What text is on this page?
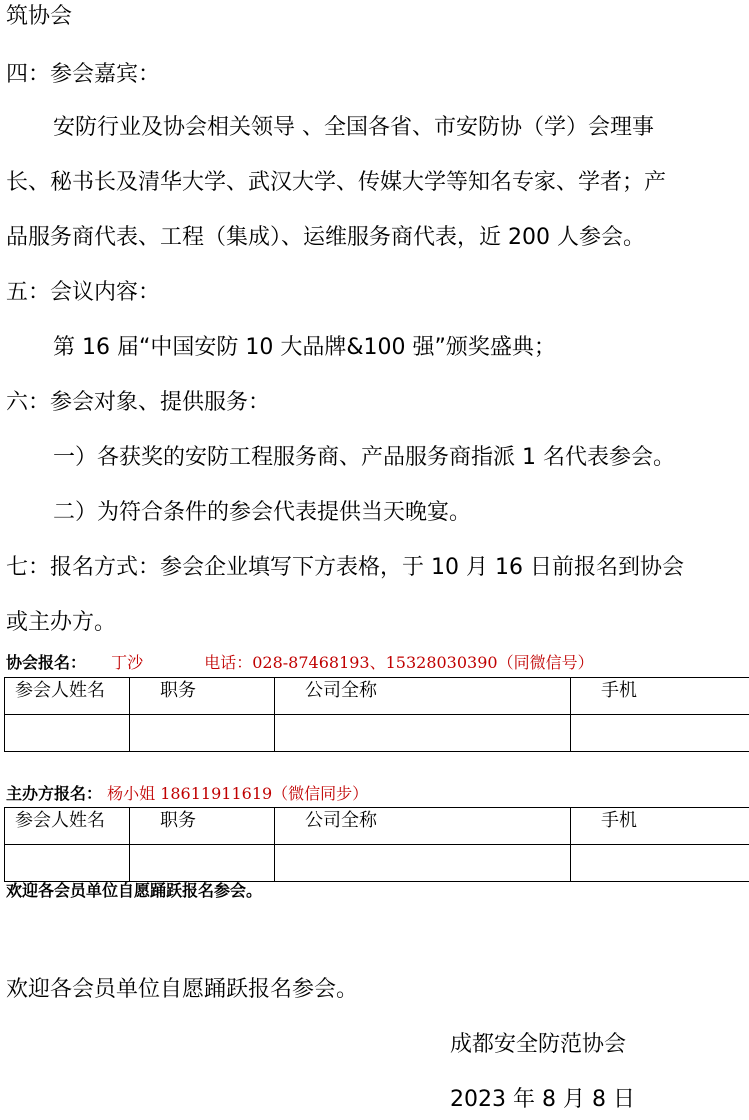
筑协会
四：参会嘉宾：
安防行业及协会相关领导 、全国各省、市安防协（学）会理事
长、秘书长及清华大学、武汉大学、传媒大学等知名专家、学者；产
品服务商代表、工程（集成）、运维服务商代表，近 200 人参会。
五：会议内容：
第 16 届“中国安防 10 大品牌&100 强”颁奖盛典；
六：参会对象、提供服务：
一）各获奖的安防工程服务商、产品服务商指派 1 名代表参会。
二）为符合条件的参会代表提供当天晚宴。
七：报名方式：参会企业填写下方表格，于 10 月 16 日前报名到协会
或主办方。
协会报名： 丁沙	电话：028-87468193、15328030390（同微信号）
参会人姓名	职务	公司全称	手机

主办方报名： 杨小姐 18611911619（微信同步）
参会人姓名	职务	公司全称	手机

欢迎各会员单位自愿踊跃报名参会。
欢迎各会员单位自愿踊跃报名参会。
成都安全防范协会
2023 年 8 月 8 日
